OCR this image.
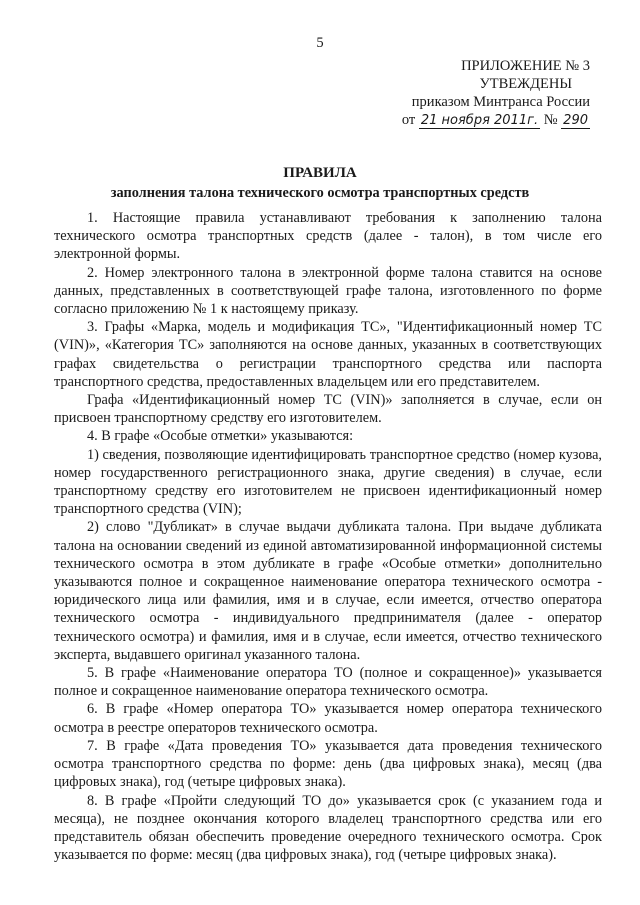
5
ПРИЛОЖЕНИЕ № 3
УТВЕЖДЕНЫ
приказом Минтранса России
от 21 ноября 2011г. № 290
ПРАВИЛА
заполнения талона технического осмотра транспортных средств

1. Настоящие правила устанавливают требования к заполнению талона технического осмотра транспортных средств (далее - талон), в том числе его электронной формы.

2. Номер электронного талона в электронной форме талона ставится на основе данных, представленных в соответствующей графе талона, изготовленного по форме согласно приложению № 1 к настоящему приказу.

3. Графы «Марка, модель и модификация ТС», "Идентификационный номер ТС (VIN)», «Категория ТС» заполняются на основе данных, указанных в соответствующих графах свидетельства о регистрации транспортного средства или паспорта транспортного средства, предоставленных владельцем или его представителем.

Графа «Идентификационный номер ТС (VIN)» заполняется в случае, если он присвоен транспортному средству его изготовителем.

4. В графе «Особые отметки» указываются:

1) сведения, позволяющие идентифицировать транспортное средство (номер кузова, номер государственного регистрационного знака, другие сведения) в случае, если транспортному средству его изготовителем не присвоен идентификационный номер транспортного средства (VIN);

2) слово "Дубликат» в случае выдачи дубликата талона. При выдаче дубликата талона на основании сведений из единой автоматизированной информационной системы технического осмотра в этом дубликате в графе «Особые отметки» дополнительно указываются полное и сокращенное наименование оператора технического осмотра - юридического лица или фамилия, имя и в случае, если имеется, отчество оператора технического осмотра - индивидуального предпринимателя (далее - оператор технического осмотра) и фамилия, имя и в случае, если имеется, отчество технического эксперта, выдавшего оригинал указанного талона.

5. В графе «Наименование оператора ТО (полное и сокращенное)» указывается полное и сокращенное наименование оператора технического осмотра.

6. В графе «Номер оператора ТО» указывается номер оператора технического осмотра в реестре операторов технического осмотра.

7. В графе «Дата проведения ТО» указывается дата проведения технического осмотра транспортного средства по форме: день (два цифровых знака), месяц (два цифровых знака), год (четыре цифровых знака).

8. В графе «Пройти следующий ТО до» указывается срок (с указанием года и месяца), не позднее окончания которого владелец транспортного средства или его представитель обязан обеспечить проведение очередного технического осмотра. Срок указывается по форме: месяц (два цифровых знака), год (четыре цифровых знака).
